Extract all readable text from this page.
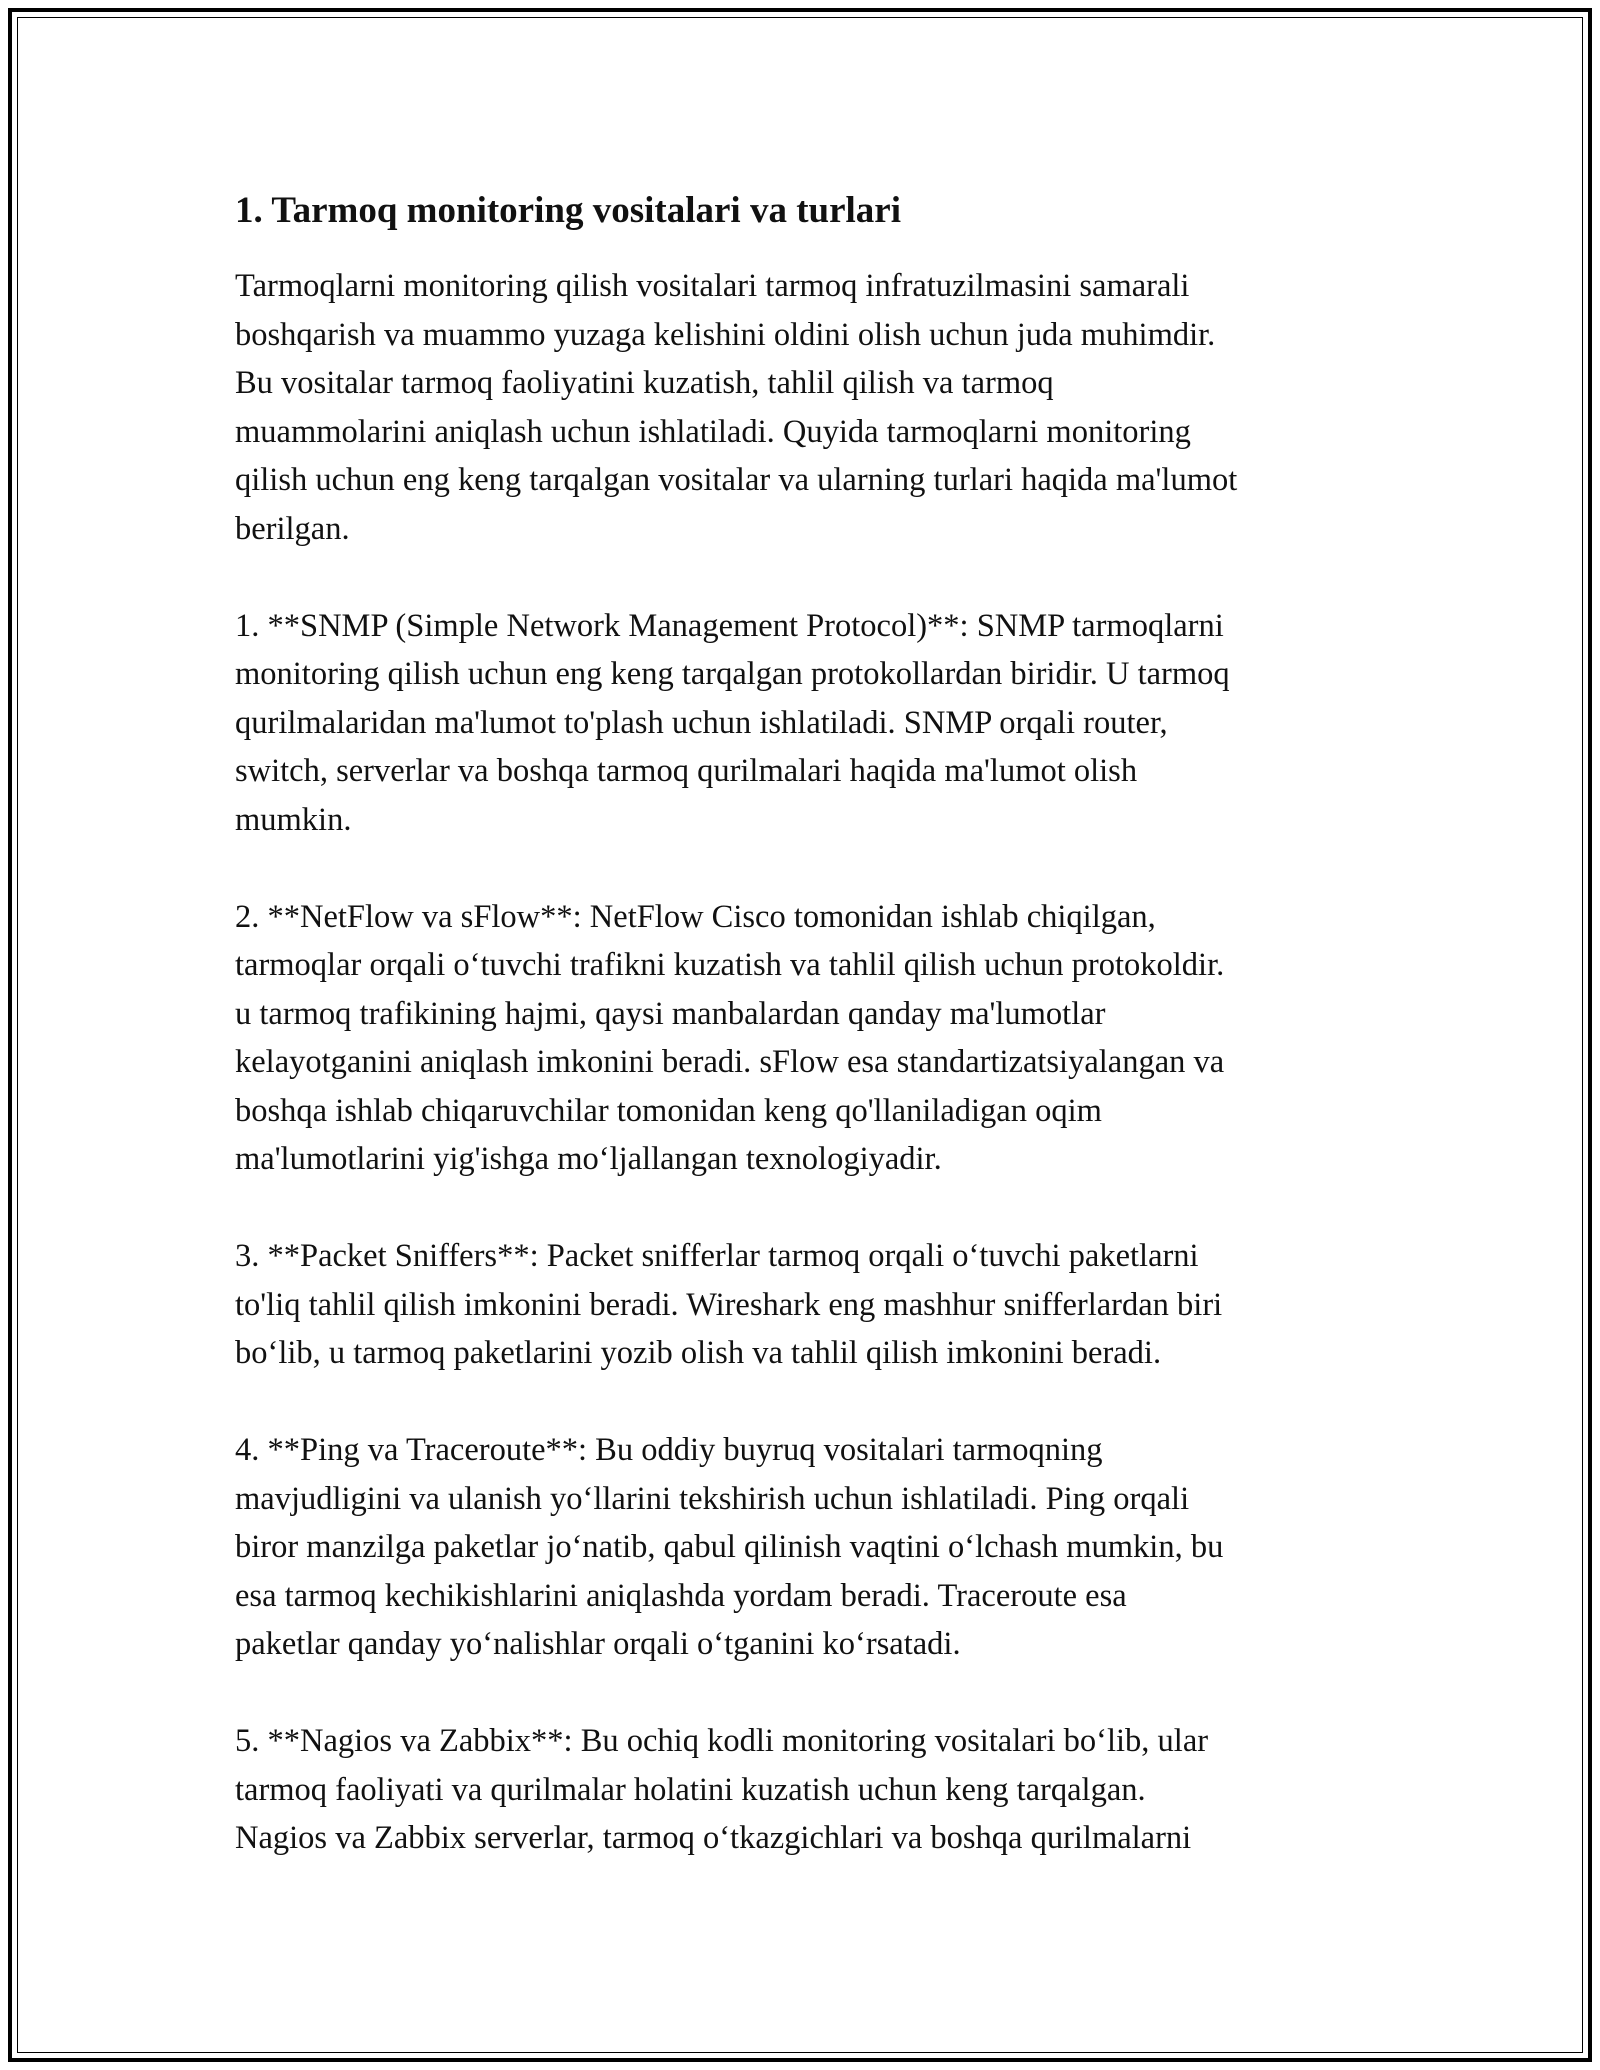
1. Tarmoq monitoring vositalari va turlari
Tarmoqlarni monitoring qilish vositalari tarmoq infratuzilmasini samarali
boshqarish va muammo yuzaga kelishini oldini olish uchun juda muhimdir.
Bu vositalar tarmoq faoliyatini kuzatish, tahlil qilish va tarmoq
muammolarini aniqlash uchun ishlatiladi. Quyida tarmoqlarni monitoring
qilish uchun eng keng tarqalgan vositalar va ularning turlari haqida ma'lumot
berilgan.
1. **SNMP (Simple Network Management Protocol)**: SNMP tarmoqlarni
monitoring qilish uchun eng keng tarqalgan protokollardan biridir. U tarmoq
qurilmalaridan ma'lumot to'plash uchun ishlatiladi. SNMP orqali router,
switch, serverlar va boshqa tarmoq qurilmalari haqida ma'lumot olish
mumkin.
2. **NetFlow va sFlow**: NetFlow Cisco tomonidan ishlab chiqilgan,
tarmoqlar orqali oʻtuvchi trafikni kuzatish va tahlil qilish uchun protokoldir.
u tarmoq trafikining hajmi, qaysi manbalardan qanday ma'lumotlar
kelayotganini aniqlash imkonini beradi. sFlow esa standartizatsiyalangan va
boshqa ishlab chiqaruvchilar tomonidan keng qo'llaniladigan oqim
ma'lumotlarini yig'ishga moʻljallangan texnologiyadir.
3. **Packet Sniffers**: Packet snifferlar tarmoq orqali oʻtuvchi paketlarni
to'liq tahlil qilish imkonini beradi. Wireshark eng mashhur snifferlardan biri
boʻlib, u tarmoq paketlarini yozib olish va tahlil qilish imkonini beradi.
4. **Ping va Traceroute**: Bu oddiy buyruq vositalari tarmoqning
mavjudligini va ulanish yoʻllarini tekshirish uchun ishlatiladi. Ping orqali
biror manzilga paketlar joʻnatib, qabul qilinish vaqtini oʻlchash mumkin, bu
esa tarmoq kechikishlarini aniqlashda yordam beradi. Traceroute esa
paketlar qanday yoʻnalishlar orqali oʻtganini koʻrsatadi.
5. **Nagios va Zabbix**: Bu ochiq kodli monitoring vositalari boʻlib, ular
tarmoq faoliyati va qurilmalar holatini kuzatish uchun keng tarqalgan.
Nagios va Zabbix serverlar, tarmoq oʻtkazgichlari va boshqa qurilmalarni
